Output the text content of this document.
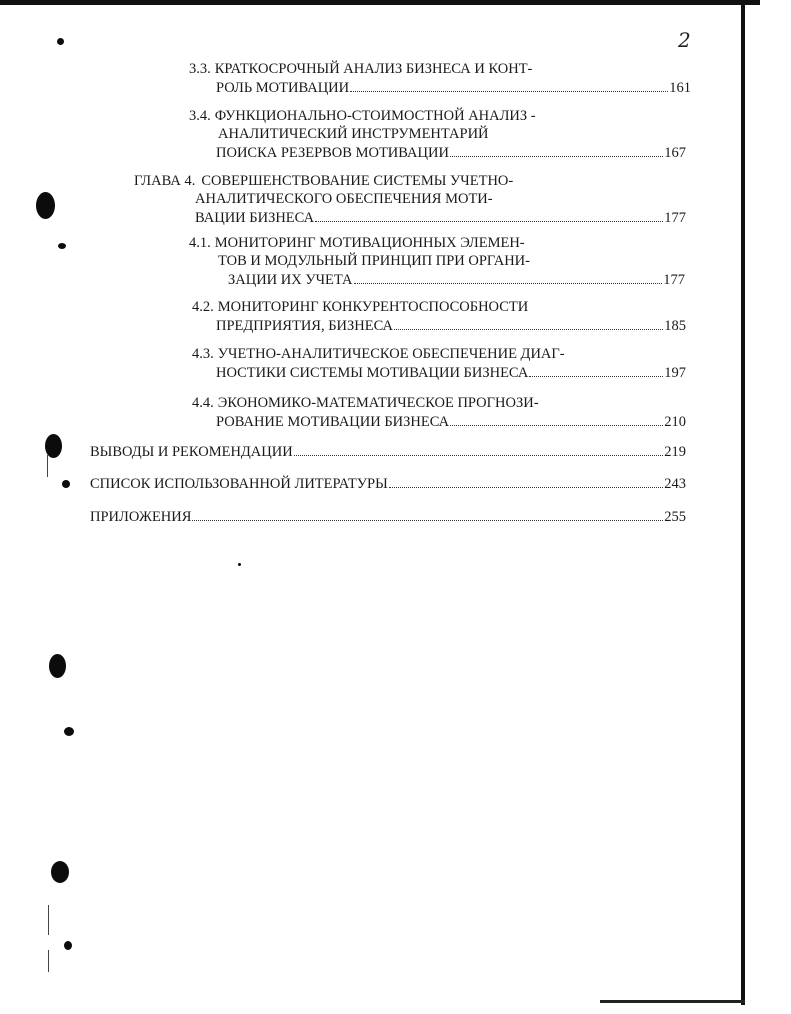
2
3.3. КРАТКОСРОЧНЫЙ АНАЛИЗ БИЗНЕСА И КОНТ-
РОЛЬ МОТИВАЦИИ	161
3.4. ФУНКЦИОНАЛЬНО-СТОИМОСТНОЙ АНАЛИЗ -
АНАЛИТИЧЕСКИЙ ИНСТРУМЕНТАРИЙ
ПОИСКА РЕЗЕРВОВ МОТИВАЦИИ	167
ГЛАВА 4. СОВЕРШЕНСТВОВАНИЕ СИСТЕМЫ УЧЕТНО-
АНАЛИТИЧЕСКОГО ОБЕСПЕЧЕНИЯ МОТИ-
ВАЦИИ БИЗНЕСА	177
4.1. МОНИТОРИНГ МОТИВАЦИОННЫХ ЭЛЕМЕН-
ТОВ И МОДУЛЬНЫЙ ПРИНЦИП ПРИ ОРГАНИ-
ЗАЦИИ ИХ УЧЕТА	177
4.2. МОНИТОРИНГ КОНКУРЕНТОСПОСОБНОСТИ
ПРЕДПРИЯТИЯ, БИЗНЕСА	185
4.3. УЧЕТНО-АНАЛИТИЧЕСКОЕ ОБЕСПЕЧЕНИЕ ДИАГ-
НОСТИКИ СИСТЕМЫ МОТИВАЦИИ БИЗНЕСА	197
4.4. ЭКОНОМИКО-МАТЕМАТИЧЕСКОЕ ПРОГНОЗИ-
РОВАНИЕ МОТИВАЦИИ БИЗНЕСА	210
ВЫВОДЫ И РЕКОМЕНДАЦИИ	219
СПИСОК ИСПОЛЬЗОВАННОЙ ЛИТЕРАТУРЫ	243
ПРИЛОЖЕНИЯ	255
